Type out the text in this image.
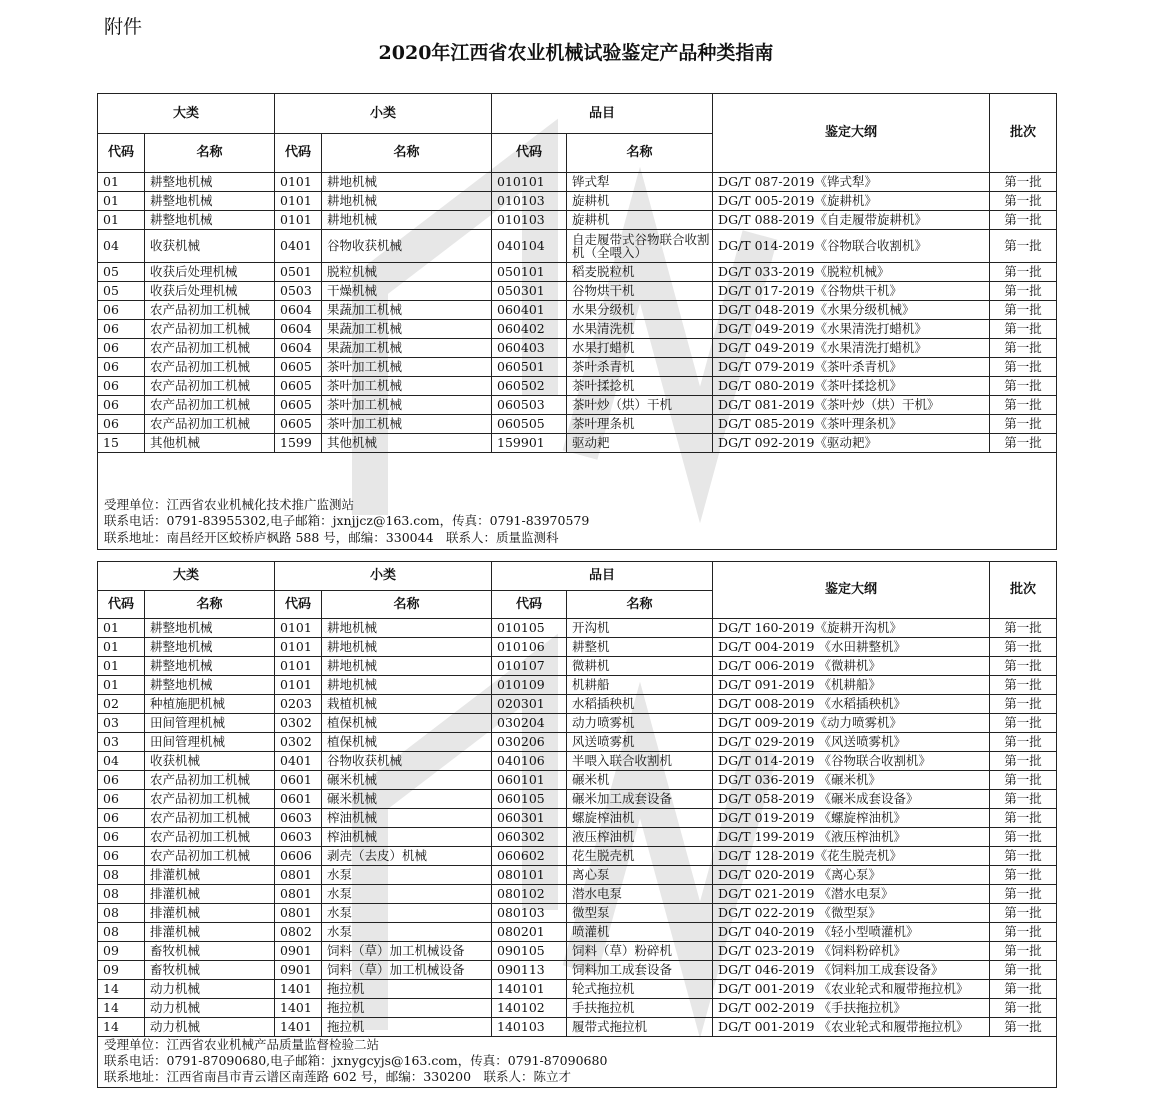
附件
2020年江西省农业机械试验鉴定产品种类指南
大类		小类		品目		鉴定大纲	批次
代码	名称	代码	名称	代码	名称		
01	耕整地机械	0101	耕地机械	010101	铧式犁	DG/T 087-2019《铧式犁》	第一批
01	耕整地机械	0101	耕地机械	010103	旋耕机	DG/T 005-2019《旋耕机》	第一批
01	耕整地机械	0101	耕地机械	010103	旋耕机	DG/T 088-2019《自走履带旋耕机》	第一批
04	收获机械	0401	谷物收获机械	040104	自走履带式谷物联合收割机（全喂入）	DG/T 014-2019《谷物联合收割机》	第一批
05	收获后处理机械	0501	脱粒机械	050101	稻麦脱粒机	DG/T 033-2019《脱粒机械》	第一批
05	收获后处理机械	0503	干燥机械	050301	谷物烘干机	DG/T 017-2019《谷物烘干机》	第一批
06	农产品初加工机械	0604	果蔬加工机械	060401	水果分级机	DG/T 048-2019《水果分级机械》	第一批
06	农产品初加工机械	0604	果蔬加工机械	060402	水果清洗机	DG/T 049-2019《水果清洗打蜡机》	第一批
06	农产品初加工机械	0604	果蔬加工机械	060403	水果打蜡机	DG/T 049-2019《水果清洗打蜡机》	第一批
06	农产品初加工机械	0605	茶叶加工机械	060501	茶叶杀青机	DG/T 079-2019《茶叶杀青机》	第一批
06	农产品初加工机械	0605	茶叶加工机械	060502	茶叶揉捻机	DG/T 080-2019《茶叶揉捻机》	第一批
06	农产品初加工机械	0605	茶叶加工机械	060503	茶叶炒（烘）干机	DG/T 081-2019《茶叶炒（烘）干机》	第一批
06	农产品初加工机械	0605	茶叶加工机械	060505	茶叶理条机	DG/T 085-2019《茶叶理条机》	第一批
15	其他机械	1599	其他机械	159901	驱动耙	DG/T 092-2019《驱动耙》	第一批

受理单位：江西省农业机械化技术推广监测站
联系电话：0791-83955302,电子邮箱：jxnjjcz@163.com，传真：0791-83970579
联系地址：南昌经开区蛟桥庐枫路 588 号，邮编：330044　联系人：质量监测科							
大类		小类		品目		鉴定大纲	批次
代码	名称	代码	名称	代码	名称		
01	耕整地机械	0101	耕地机械	010105	开沟机	DG/T 160-2019《旋耕开沟机》	第一批
01	耕整地机械	0101	耕地机械	010106	耕整机	DG/T 004-2019 《水田耕整机》	第一批
01	耕整地机械	0101	耕地机械	010107	微耕机	DG/T 006-2019 《微耕机》	第一批
01	耕整地机械	0101	耕地机械	010109	机耕船	DG/T 091-2019 《机耕船》	第一批
02	种植施肥机械	0203	栽植机械	020301	水稻插秧机	DG/T 008-2019 《水稻插秧机》	第一批
03	田间管理机械	0302	植保机械	030204	动力喷雾机	DG/T 009-2019《动力喷雾机》	第一批
03	田间管理机械	0302	植保机械	030206	风送喷雾机	DG/T 029-2019 《风送喷雾机》	第一批
04	收获机械	0401	谷物收获机械	040106	半喂入联合收割机	DG/T 014-2019 《谷物联合收割机》	第一批
06	农产品初加工机械	0601	碾米机械	060101	碾米机	DG/T 036-2019 《碾米机》	第一批
06	农产品初加工机械	0601	碾米机械	060105	碾米加工成套设备	DG/T 058-2019 《碾米成套设备》	第一批
06	农产品初加工机械	0603	榨油机械	060301	螺旋榨油机	DG/T 019-2019 《螺旋榨油机》	第一批
06	农产品初加工机械	0603	榨油机械	060302	液压榨油机	DG/T 199-2019 《液压榨油机》	第一批
06	农产品初加工机械	0606	剥壳（去皮）机械	060602	花生脱壳机	DG/T 128-2019《花生脱壳机》	第一批
08	排灌机械	0801	水泵	080101	离心泵	DG/T 020-2019 《离心泵》	第一批
08	排灌机械	0801	水泵	080102	潜水电泵	DG/T 021-2019 《潜水电泵》	第一批
08	排灌机械	0801	水泵	080103	微型泵	DG/T 022-2019 《微型泵》	第一批
08	排灌机械	0802	水泵	080201	喷灌机	DG/T 040-2019 《轻小型喷灌机》	第一批
09	畜牧机械	0901	饲料（草）加工机械设备	090105	饲料（草）粉碎机	DG/T 023-2019 《饲料粉碎机》	第一批
09	畜牧机械	0901	饲料（草）加工机械设备	090113	饲料加工成套设备	DG/T 046-2019 《饲料加工成套设备》	第一批
14	动力机械	1401	拖拉机	140101	轮式拖拉机	DG/T 001-2019 《农业轮式和履带拖拉机》	第一批
14	动力机械	1401	拖拉机	140102	手扶拖拉机	DG/T 002-2019 《手扶拖拉机》	第一批
14	动力机械	1401	拖拉机	140103	履带式拖拉机	DG/T 001-2019 《农业轮式和履带拖拉机》	第一批

受理单位：江西省农业机械产品质量监督检验二站
联系电话：0791-87090680,电子邮箱：jxnygcyjs@163.com，传真：0791-87090680
联系地址：江西省南昌市青云谱区南莲路 602 号，邮编：330200　联系人：陈立才							
